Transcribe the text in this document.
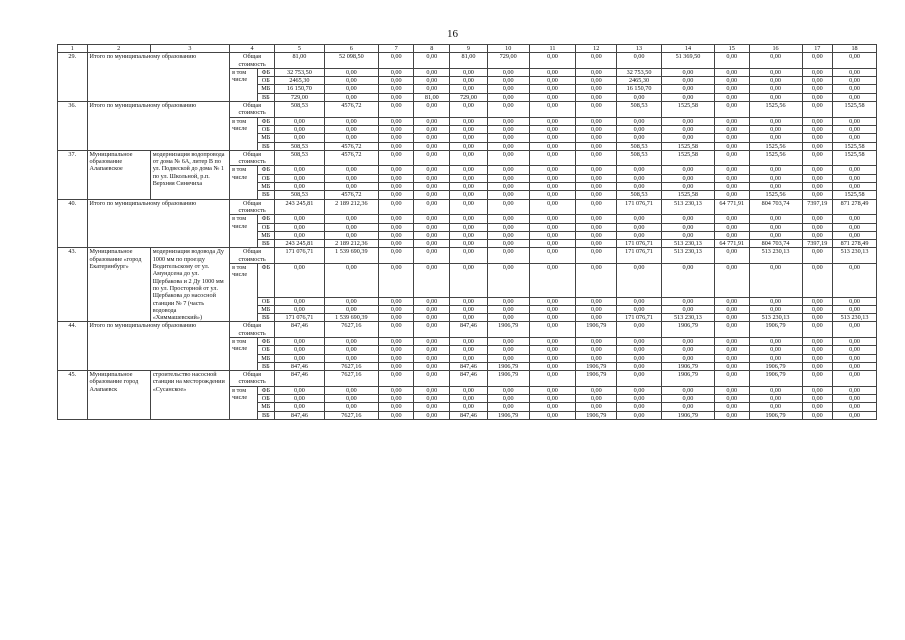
16
1	2	3	4		5	6	7	8	9	10	11	12	13	14	15	16	17	18
29.	Итого по муниципальному образованию		Общая стоимость		81,00	52 098,50	0,00	0,00	81,00	729,00	0,00	0,00	0,00	51 369,50	0,00	0,00	0,00	0,00
			в том числе	ФБ	32 753,50	0,00	0,00	0,00	0,00	0,00	0,00	0,00	32 753,50	0,00	0,00	0,00	0,00	0,00
				ОБ	2465,30	0,00	0,00	0,00	0,00	0,00	0,00	0,00	2465,30	0,00	0,00	0,00	0,00	0,00
				МБ	16 150,70	0,00	0,00	0,00	0,00	0,00	0,00	0,00	16 150,70	0,00	0,00	0,00	0,00	0,00
				ВБ	729,00	0,00	0,00	81,00	729,00	0,00	0,00	0,00	0,00	0,00	0,00	0,00	0,00	0,00
36.	Итого по муниципальному образованию		Общая стоимость		508,53	4576,72	0,00	0,00	0,00	0,00	0,00	0,00	508,53	1525,58	0,00	1525,56	0,00	1525,58
			в том числе	ФБ	0,00	0,00	0,00	0,00	0,00	0,00	0,00	0,00	0,00	0,00	0,00	0,00	0,00	0,00
				ОБ	0,00	0,00	0,00	0,00	0,00	0,00	0,00	0,00	0,00	0,00	0,00	0,00	0,00	0,00
				МБ	0,00	0,00	0,00	0,00	0,00	0,00	0,00	0,00	0,00	0,00	0,00	0,00	0,00	0,00
				ВБ	508,53	4576,72	0,00	0,00	0,00	0,00	0,00	0,00	508,53	1525,58	0,00	1525,56	0,00	1525,58
37.	Муниципальное образование Алапаевское	модернизация водопровода от дома № 6А, литер В по ул. Подвеской до дома № 1 по ул. Школьной, р.п. Верхняя Синячиха	Общая стоимость		508,53	4576,72	0,00	0,00	0,00	0,00	0,00	0,00	508,53	1525,58	0,00	1525,56	0,00	1525,58
			в том числе	ФБ	0,00	0,00	0,00	0,00	0,00	0,00	0,00	0,00	0,00	0,00	0,00	0,00	0,00	0,00
				ОБ	0,00	0,00	0,00	0,00	0,00	0,00	0,00	0,00	0,00	0,00	0,00	0,00	0,00	0,00
				МБ	0,00	0,00	0,00	0,00	0,00	0,00	0,00	0,00	0,00	0,00	0,00	0,00	0,00	0,00
				ВБ	508,53	4576,72	0,00	0,00	0,00	0,00	0,00	0,00	508,53	1525,58	0,00	1525,56	0,00	1525,58
40.	Итого по муниципальному образованию		Общая стоимость		243 245,81	2 189 212,36	0,00	0,00	0,00	0,00	0,00	0,00	171 076,71	513 230,13	64 771,91	804 703,74	7397,19	871 278,49
			в том числе	ФБ	0,00	0,00	0,00	0,00	0,00	0,00	0,00	0,00	0,00	0,00	0,00	0,00	0,00	0,00
				ОБ	0,00	0,00	0,00	0,00	0,00	0,00	0,00	0,00	0,00	0,00	0,00	0,00	0,00	0,00
				МБ	0,00	0,00	0,00	0,00	0,00	0,00	0,00	0,00	0,00	0,00	0,00	0,00	0,00	0,00
				ВБ	243 245,81	2 189 212,36	0,00	0,00	0,00	0,00	0,00	0,00	171 076,71	513 230,13	64 771,91	804 703,74	7397,19	871 278,49
43.	Муниципальное образование «город Екатеринбург»	модернизация водовода Ду 1000 мм по проезду Водительскому от ул. Амундсена до ул. Щербакова и 2 Ду 1000 мм по ул. Просторной от ул. Щербакова до насосной станции № 7 (часть водовода «Химмашевский»)	Общая стоимость		171 076,71	1 539 690,39	0,00	0,00	0,00	0,00	0,00	0,00	171 076,71	513 230,13	0,00	513 230,13	0,00	513 230,13
			в том числе	ФБ	0,00	0,00	0,00	0,00	0,00	0,00	0,00	0,00	0,00	0,00	0,00	0,00	0,00	0,00
				ОБ	0,00	0,00	0,00	0,00	0,00	0,00	0,00	0,00	0,00	0,00	0,00	0,00	0,00	0,00
				МБ	0,00	0,00	0,00	0,00	0,00	0,00	0,00	0,00	0,00	0,00	0,00	0,00	0,00	0,00
				ВБ	171 076,71	1 539 690,39	0,00	0,00	0,00	0,00	0,00	0,00	171 076,71	513 230,13	0,00	513 230,13	0,00	513 230,13
44.	Итого по муниципальному образованию		Общая стоимость		847,46	7627,16	0,00	0,00	847,46	1906,79	0,00	1906,79	0,00	1906,79	0,00	1906,79	0,00	0,00
			в том числе	ФБ	0,00	0,00	0,00	0,00	0,00	0,00	0,00	0,00	0,00	0,00	0,00	0,00	0,00	0,00
				ОБ	0,00	0,00	0,00	0,00	0,00	0,00	0,00	0,00	0,00	0,00	0,00	0,00	0,00	0,00
				МБ	0,00	0,00	0,00	0,00	0,00	0,00	0,00	0,00	0,00	0,00	0,00	0,00	0,00	0,00
				ВБ	847,46	7627,16	0,00	0,00	847,46	1906,79	0,00	1906,79	0,00	1906,79	0,00	1906,79	0,00	0,00
45.	Муниципальное образование город Алапаевск	строительство насосной станции на месторождении «Сусанское»	Общая стоимость		847,46	7627,16	0,00	0,00	847,46	1906,79	0,00	1906,79	0,00	1906,79	0,00	1906,79	0,00	0,00
			в том числе	ФБ	0,00	0,00	0,00	0,00	0,00	0,00	0,00	0,00	0,00	0,00	0,00	0,00	0,00	0,00
				ОБ	0,00	0,00	0,00	0,00	0,00	0,00	0,00	0,00	0,00	0,00	0,00	0,00	0,00	0,00
				МБ	0,00	0,00	0,00	0,00	0,00	0,00	0,00	0,00	0,00	0,00	0,00	0,00	0,00	0,00
				ВБ	847,46	7627,16	0,00	0,00	847,46	1906,79	0,00	1906,79	0,00	1906,79	0,00	1906,79	0,00	0,00
